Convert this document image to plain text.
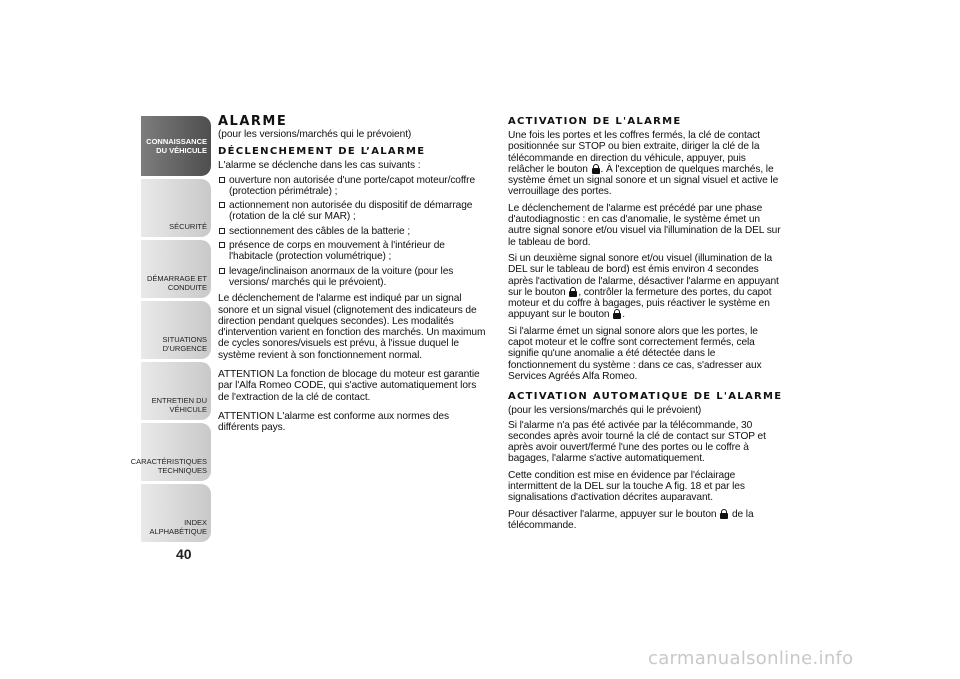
CONNAISSANCE
DU VÉHICULE
SÉCURITÉ
DÉMARRAGE ET
CONDUITE
SITUATIONS
D'URGENCE
ENTRETIEN DU
VÉHICULE
CARACTÉRISTIQUES
TECHNIQUES
INDEX
ALPHABÉTIQUE
40
ALARME

(pour les versions/marchés qui le prévoient)

DÉCLENCHEMENT DE L’ALARME

L'alarme se déclenche dans les cas suivants :

ouverture non autorisée d'une porte/capot moteur/coffre (protection périmétrale) ;
actionnement non autorisée du dispositif de démarrage (rotation de la clé sur MAR) ;
sectionnement des câbles de la batterie ;
présence de corps en mouvement à l'intérieur de l'habitacle (protection volumétrique) ;
levage/inclinaison anormaux de la voiture (pour les versions/ marchés qui le prévoient).

Le déclenchement de l'alarme est indiqué par un signal sonore et un signal visuel (clignotement des indicateurs de direction pendant quelques secondes). Les modalités d'intervention varient en fonction des marchés. Un maximum de cycles sonores/visuels est prévu, à l'issue duquel le système revient à son fonctionnement normal.

ATTENTION La fonction de blocage du moteur est garantie par l'Alfa Romeo CODE, qui s'active automatiquement lors de l'extraction de la clé de contact.

ATTENTION L'alarme est conforme aux normes des différents pays.

ACTIVATION DE L'ALARME

Une fois les portes et les coffres fermés, la clé de contact positionnée sur STOP ou bien extraite, diriger la clé de la télécommande en direction du véhicule, appuyer, puis relâcher le bouton . À l'exception de quelques marchés, le système émet un signal sonore et un signal visuel et active le verrouillage des portes.

Le déclenchement de l'alarme est précédé par une phase d'autodiagnostic : en cas d'anomalie, le système émet un autre signal sonore et/ou visuel via l'illumination de la DEL sur le tableau de bord.

Si un deuxième signal sonore et/ou visuel (illumination de la DEL sur le tableau de bord) est émis environ 4 secondes après l'activation de l'alarme, désactiver l'alarme en appuyant sur le bouton , contrôler la fermeture des portes, du capot moteur et du coffre à bagages, puis réactiver le système en appuyant sur le bouton .

Si l'alarme émet un signal sonore alors que les portes, le capot moteur et le coffre sont correctement fermés, cela signifie qu'une anomalie a été détectée dans le fonctionnement du système : dans ce cas, s'adresser aux Services Agréés Alfa Romeo.

ACTIVATION AUTOMATIQUE DE L'ALARME

(pour les versions/marchés qui le prévoient)

Si l'alarme n'a pas été activée par la télécommande, 30 secondes après avoir tourné la clé de contact sur STOP et après avoir ouvert/fermé l'une des portes ou le coffre à bagages, l'alarme s'active automatiquement.

Cette condition est mise en évidence par l'éclairage intermittent de la DEL sur la touche A fig. 18 et par les signalisations d'activation décrites auparavant.

Pour désactiver l'alarme, appuyer sur le bouton de la télécommande.

carmanualsonline.info
